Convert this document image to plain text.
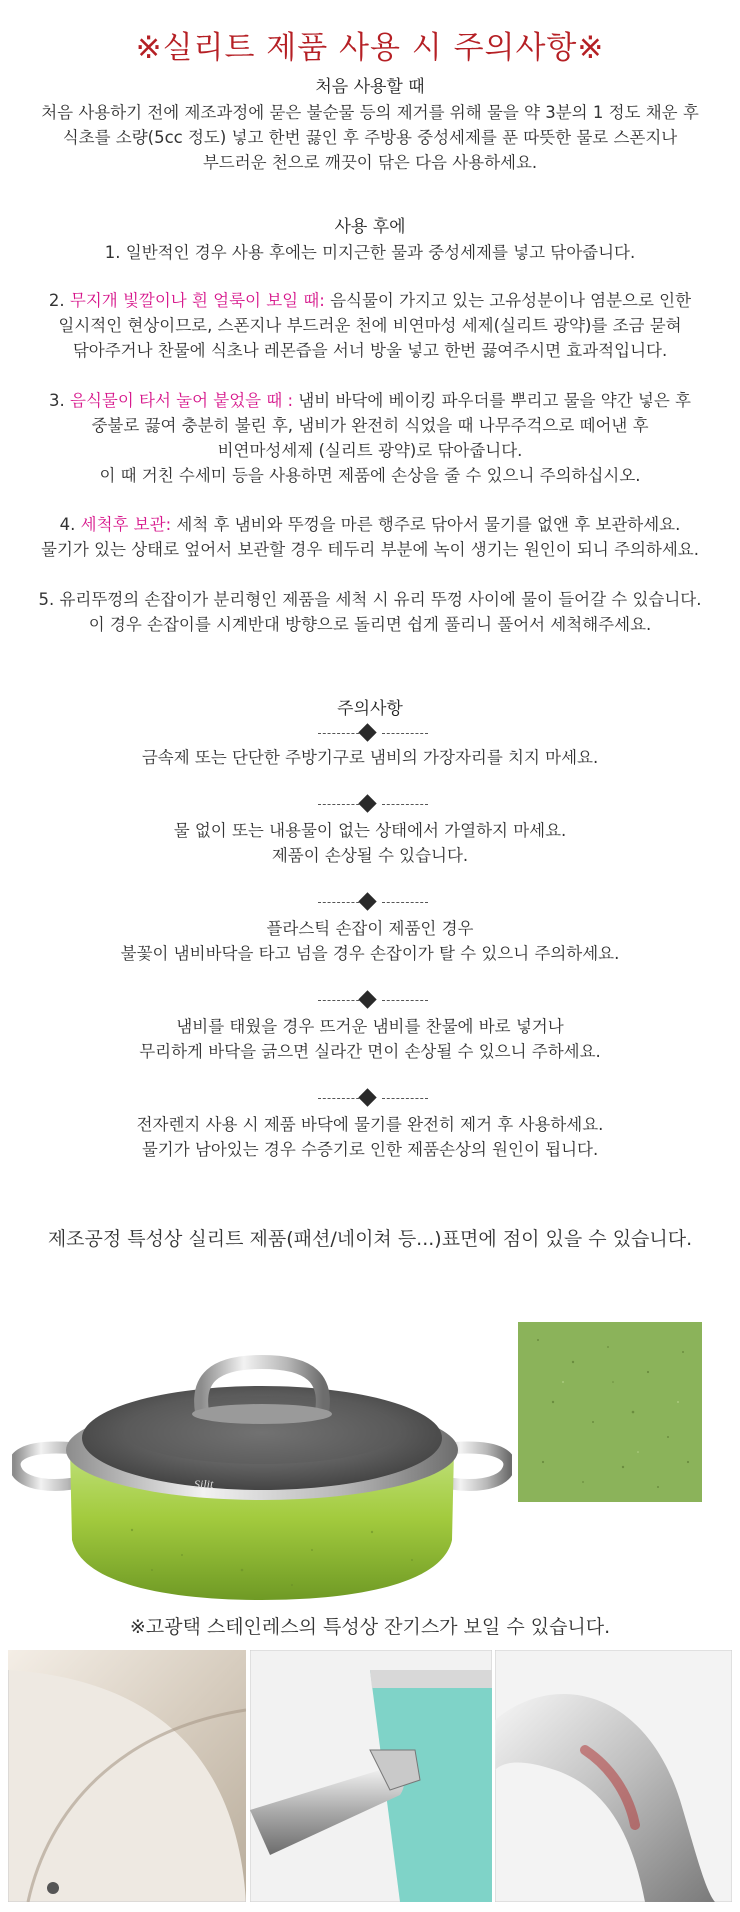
※실리트 제품 사용 시 주의사항※

처음 사용할 때

처음 사용하기 전에 제조과정에 묻은 불순물 등의 제거를 위해 물을 약 3분의 1 정도 채운 후

식초를 소량(5cc 정도) 넣고 한번 끓인 후 주방용 중성세제를 푼 따뜻한 물로 스폰지나

부드러운 천으로 깨끗이 닦은 다음 사용하세요.

사용 후에

1. 일반적인 경우 사용 후에는 미지근한 물과 중성세제를 넣고 닦아줍니다.

2. 무지개 빛깔이나 흰 얼룩이 보일 때: 음식물이 가지고 있는 고유성분이나 염분으로 인한

일시적인 현상이므로, 스폰지나 부드러운 천에 비연마성 세제(실리트 광약)를 조금 묻혀

닦아주거나 찬물에 식초나 레몬즙을 서너 방울 넣고 한번 끓여주시면 효과적입니다.

3. 음식물이 타서 눌어 붙었을 때 : 냄비 바닥에 베이킹 파우더를 뿌리고 물을 약간 넣은 후

중불로 끓여 충분히 불린 후, 냄비가 완전히 식었을 때 나무주걱으로 떼어낸 후

비연마성세제 (실리트 광약)로 닦아줍니다.

이 때 거친 수세미 등을 사용하면 제품에 손상을 줄 수 있으니 주의하십시오.

4. 세척후 보관: 세척 후 냄비와 뚜껑을 마른 행주로 닦아서 물기를 없앤 후 보관하세요.

물기가 있는 상태로 엎어서 보관할 경우 테두리 부분에 녹이 생기는 원인이 되니 주의하세요.

5. 유리뚜껑의 손잡이가 분리형인 제품을 세척 시 유리 뚜껑 사이에 물이 들어갈 수 있습니다.

이 경우 손잡이를 시계반대 방향으로 돌리면 쉽게 풀리니 풀어서 세척해주세요.

주의사항

금속제 또는 단단한 주방기구로 냄비의 가장자리를 치지 마세요.

물 없이 또는 내용물이 없는 상태에서 가열하지 마세요.

제품이 손상될 수 있습니다.

플라스틱 손잡이 제품인 경우

불꽃이 냄비바닥을 타고 넘을 경우 손잡이가 탈 수 있으니 주의하세요.

냄비를 태웠을 경우 뜨거운 냄비를 찬물에 바로 넣거나

무리하게 바닥을 긁으면 실라간 면이 손상될 수 있으니 주하세요.

전자렌지 사용 시 제품 바닥에 물기를 완전히 제거 후 사용하세요.

물기가 남아있는 경우 수증기로 인한 제품손상의 원인이 됩니다.

제조공정 특성상 실리트 제품(패션/네이쳐 등...)표면에 점이 있을 수 있습니다.
Silit
※고광택 스테인레스의 특성상 잔기스가 보일 수 있습니다.
